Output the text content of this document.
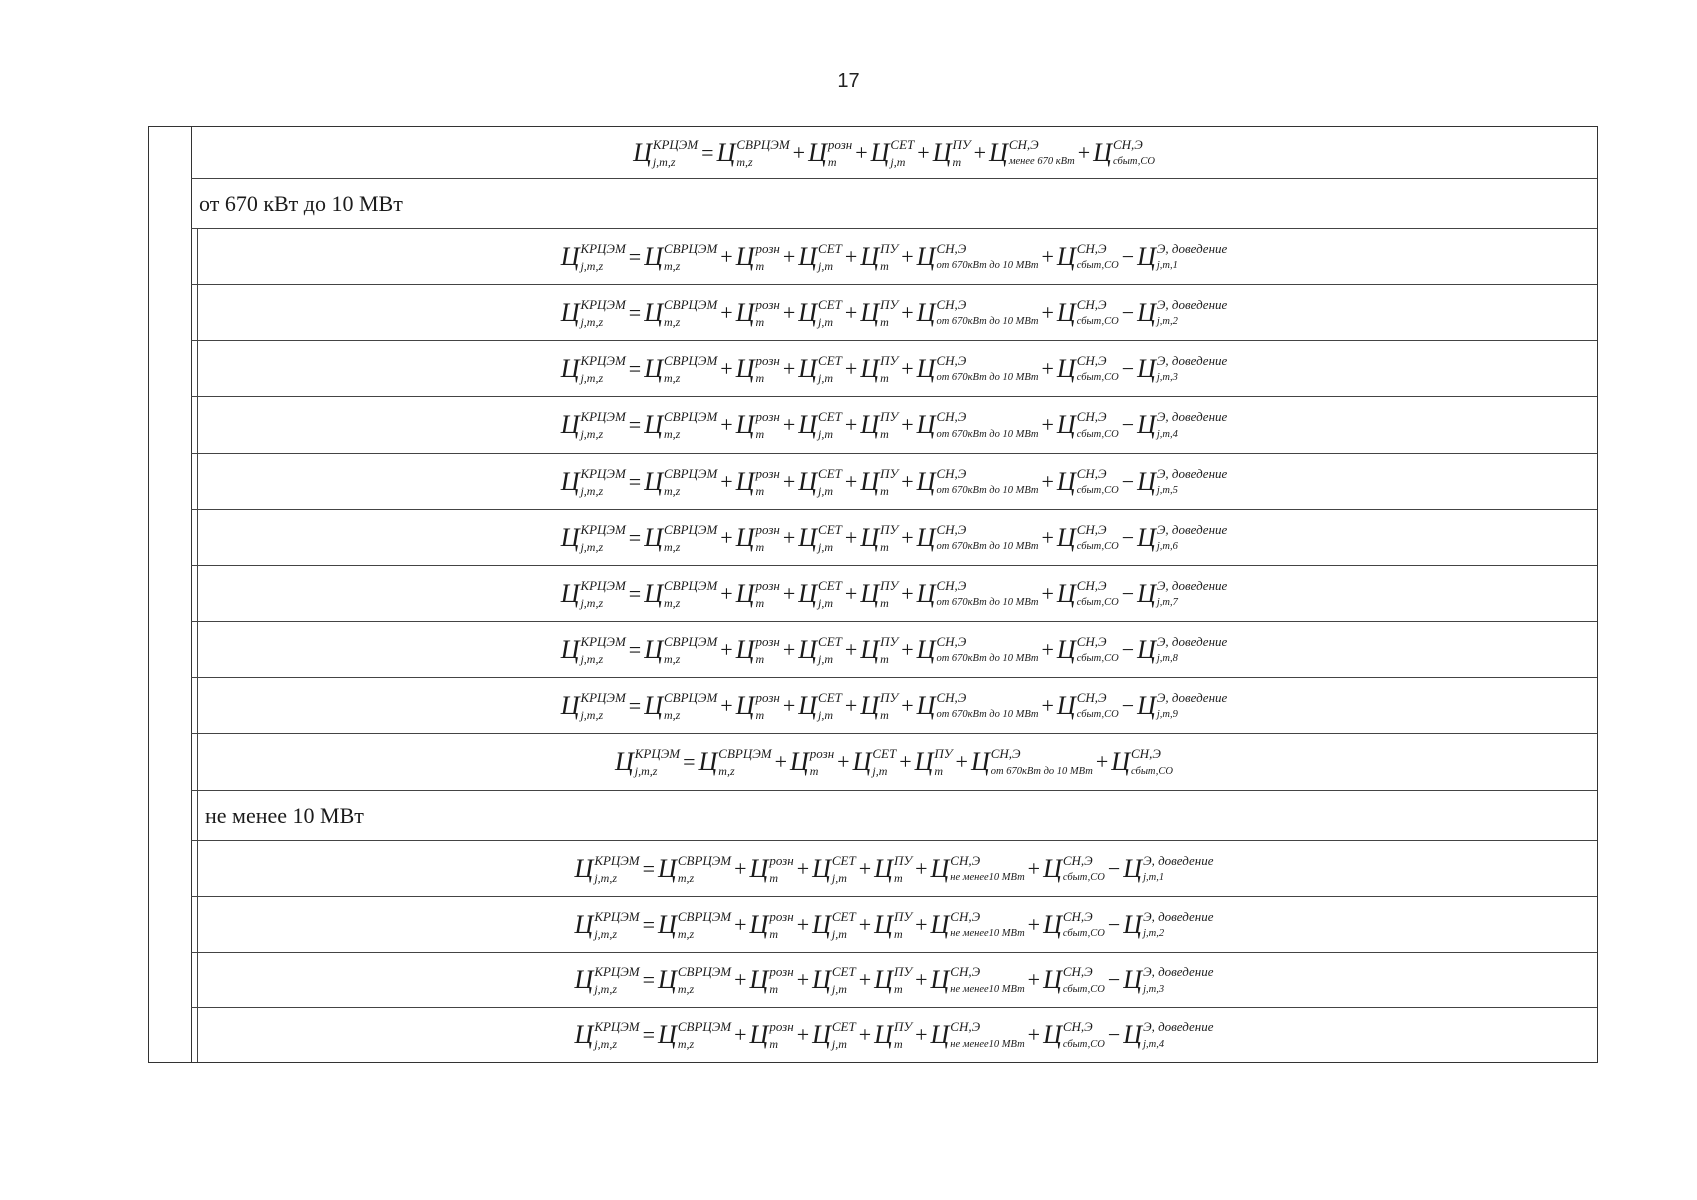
17
Ц КРЦЭМ
j,m,z	= Ц СВРЦЭМ
m,z	+ Ц розн
m + Ц СЕТ
j,m + Ц ПУ
m + Ц СН,Э
менее 670 кВт + Ц СН,Э
сбыт,СО
от 670 кВт до 10 МВт
Ц КРЦЭМ
j,m,z	= Ц СВРЦЭМ
m,z	+ Ц розн
m + Ц СЕТ
j,m + Ц ПУ
m + Ц СН,Э
от 670кВт до 10 МВт + Ц СН,Э
сбыт,СО − Ц Э, доведение
j,m,1
Ц КРЦЭМ
j,m,z	= Ц СВРЦЭМ
m,z	+ Ц розн
m + Ц СЕТ
j,m + Ц ПУ
m + Ц СН,Э
от 670кВт до 10 МВт + Ц СН,Э
сбыт,СО − Ц Э, доведение
j,m,2
Ц КРЦЭМ
j,m,z	= Ц СВРЦЭМ
m,z	+ Ц розн
m + Ц СЕТ
j,m + Ц ПУ
m + Ц СН,Э
от 670кВт до 10 МВт + Ц СН,Э
сбыт,СО − Ц Э, доведение
j,m,3
Ц КРЦЭМ
j,m,z	= Ц СВРЦЭМ
m,z	+ Ц розн
m + Ц СЕТ
j,m + Ц ПУ
m + Ц СН,Э
от 670кВт до 10 МВт + Ц СН,Э
сбыт,СО − Ц Э, доведение
j,m,4
Ц КРЦЭМ
j,m,z	= Ц СВРЦЭМ
m,z	+ Ц розн
m + Ц СЕТ
j,m + Ц ПУ
m + Ц СН,Э
от 670кВт до 10 МВт + Ц СН,Э
сбыт,СО − Ц Э, доведение
j,m,5
Ц КРЦЭМ
j,m,z	= Ц СВРЦЭМ
m,z	+ Ц розн
m + Ц СЕТ
j,m + Ц ПУ
m + Ц СН,Э
от 670кВт до 10 МВт + Ц СН,Э
сбыт,СО − Ц Э, доведение
j,m,6
Ц КРЦЭМ
j,m,z	= Ц СВРЦЭМ
m,z	+ Ц розн
m + Ц СЕТ
j,m + Ц ПУ
m + Ц СН,Э
от 670кВт до 10 МВт + Ц СН,Э
сбыт,СО − Ц Э, доведение
j,m,7
Ц КРЦЭМ
j,m,z	= Ц СВРЦЭМ
m,z	+ Ц розн
m + Ц СЕТ
j,m + Ц ПУ
m + Ц СН,Э
от 670кВт до 10 МВт + Ц СН,Э
сбыт,СО − Ц Э, доведение
j,m,8
Ц КРЦЭМ
j,m,z	= Ц СВРЦЭМ
m,z	+ Ц розн
m + Ц СЕТ
j,m + Ц ПУ
m + Ц СН,Э
от 670кВт до 10 МВт + Ц СН,Э
сбыт,СО − Ц Э, доведение
j,m,9
Ц КРЦЭМ
j,m,z	= Ц СВРЦЭМ
m,z	+ Ц розн
m + Ц СЕТ
j,m + Ц ПУ
m + Ц СН,Э
от 670кВт до 10 МВт + Ц СН,Э
сбыт,СО
не менее 10 МВт
Ц КРЦЭМ
j,m,z	= Ц СВРЦЭМ
m,z	+ Ц розн
m + Ц СЕТ
j,m + Ц ПУ
m + Ц СН,Э
не менее10 МВт + Ц СН,Э
сбыт,СО − Ц Э, доведение
j,m,1
Ц КРЦЭМ
j,m,z	= Ц СВРЦЭМ
m,z	+ Ц розн
m + Ц СЕТ
j,m + Ц ПУ
m + Ц СН,Э
не менее10 МВт + Ц СН,Э
сбыт,СО − Ц Э, доведение
j,m,2
Ц КРЦЭМ
j,m,z	= Ц СВРЦЭМ
m,z	+ Ц розн
m + Ц СЕТ
j,m + Ц ПУ
m + Ц СН,Э
не менее10 МВт + Ц СН,Э
сбыт,СО − Ц Э, доведение
j,m,3
Ц КРЦЭМ
j,m,z	= Ц СВРЦЭМ
m,z	+ Ц розн
m + Ц СЕТ
j,m + Ц ПУ
m + Ц СН,Э
не менее10 МВт + Ц СН,Э
сбыт,СО − Ц Э, доведение
j,m,4
